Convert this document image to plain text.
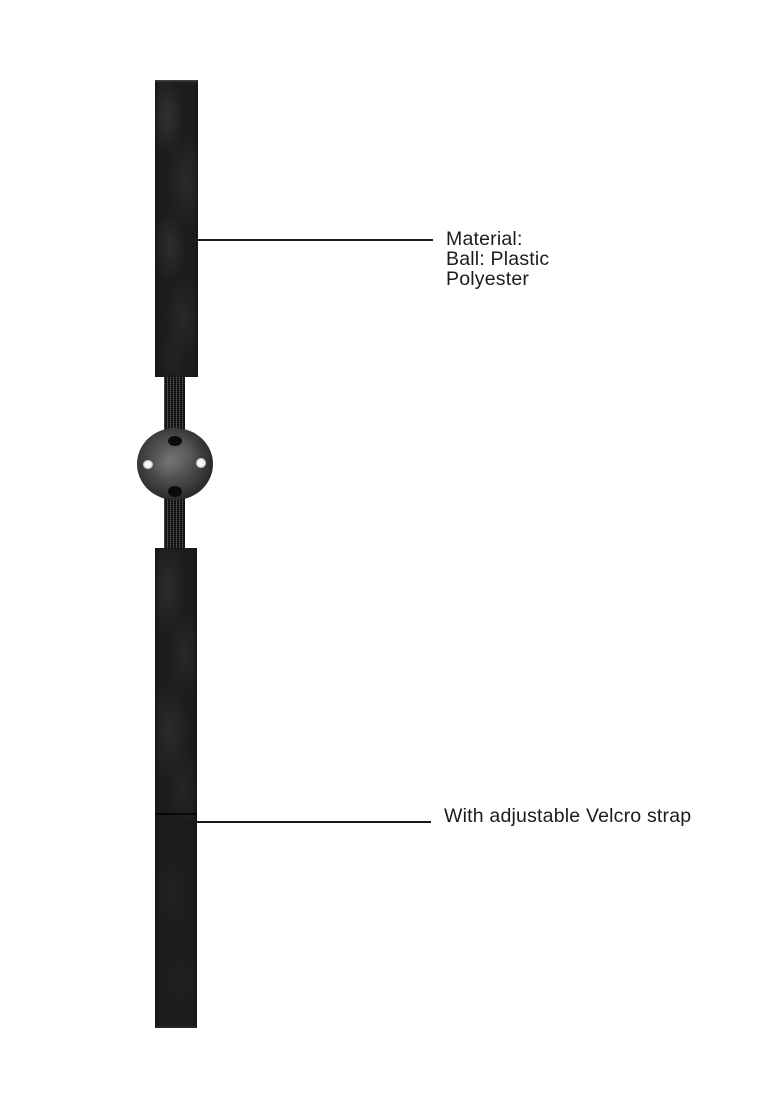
Material:
Ball: Plastic
Polyester
With adjustable Velcro strap
